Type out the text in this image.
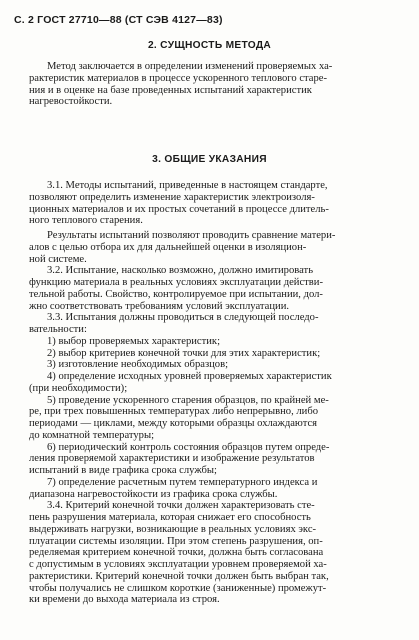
С. 2 ГОСТ 27710—88 (СТ СЭВ 4127—83)
2. СУЩНОСТЬ МЕТОДА
Метод заключается в определении изменений проверяемых ха-
рактеристик материалов в процессе ускоренного теплового старе-
ния и в оценке на базе проведенных испытаний характеристик
нагревостойкости.
3. ОБЩИЕ УКАЗАНИЯ
3.1. Методы испытаний, приведенные в настоящем стандарте,
позволяют определить изменение характеристик электроизоля-
ционных материалов и их простых сочетаний в процессе длитель-
ного теплового старения.
Результаты испытаний позволяют проводить сравнение матери-
алов с целью отбора их для дальнейшей оценки в изоляцион-
ной системе.
3.2. Испытание, насколько возможно, должно имитировать
функцию материала в реальных условиях эксплуатации действи-
тельной работы. Свойство, контролируемое при испытании, дол-
жно соответствовать требованиям условий эксплуатации.
3.3. Испытания должны проводиться в следующей последо-
вательности:
1) выбор проверяемых характеристик;
2) выбор критериев конечной точки для этих характеристик;
3) изготовление необходимых образцов;
4) определение исходных уровней проверяемых характеристик
(при необходимости);
5) проведение ускоренного старения образцов, по крайней ме-
ре, при трех повышенных температурах либо непрерывно, либо
периодами — циклами, между которыми образцы охлаждаются
до комнатной температуры;
6) периодический контроль состояния образцов путем опреде-
ления проверяемой характеристики и изображение результатов
испытаний в виде графика срока службы;
7) определение расчетным путем температурного индекса и
диапазона нагревостойкости из графика срока службы.
3.4. Критерий конечной точки должен характеризовать сте-
пень разрушения материала, которая снижает его способность
выдерживать нагрузки, возникающие в реальных условиях экс-
плуатации системы изоляции. При этом степень разрушения, оп-
ределяемая критерием конечной точки, должна быть согласована
с допустимым в условиях эксплуатации уровнем проверяемой ха-
рактеристики. Критерий конечной точки должен быть выбран так,
чтобы получались не слишком короткие (заниженные) промежут-
ки времени до выхода материала из строя.
